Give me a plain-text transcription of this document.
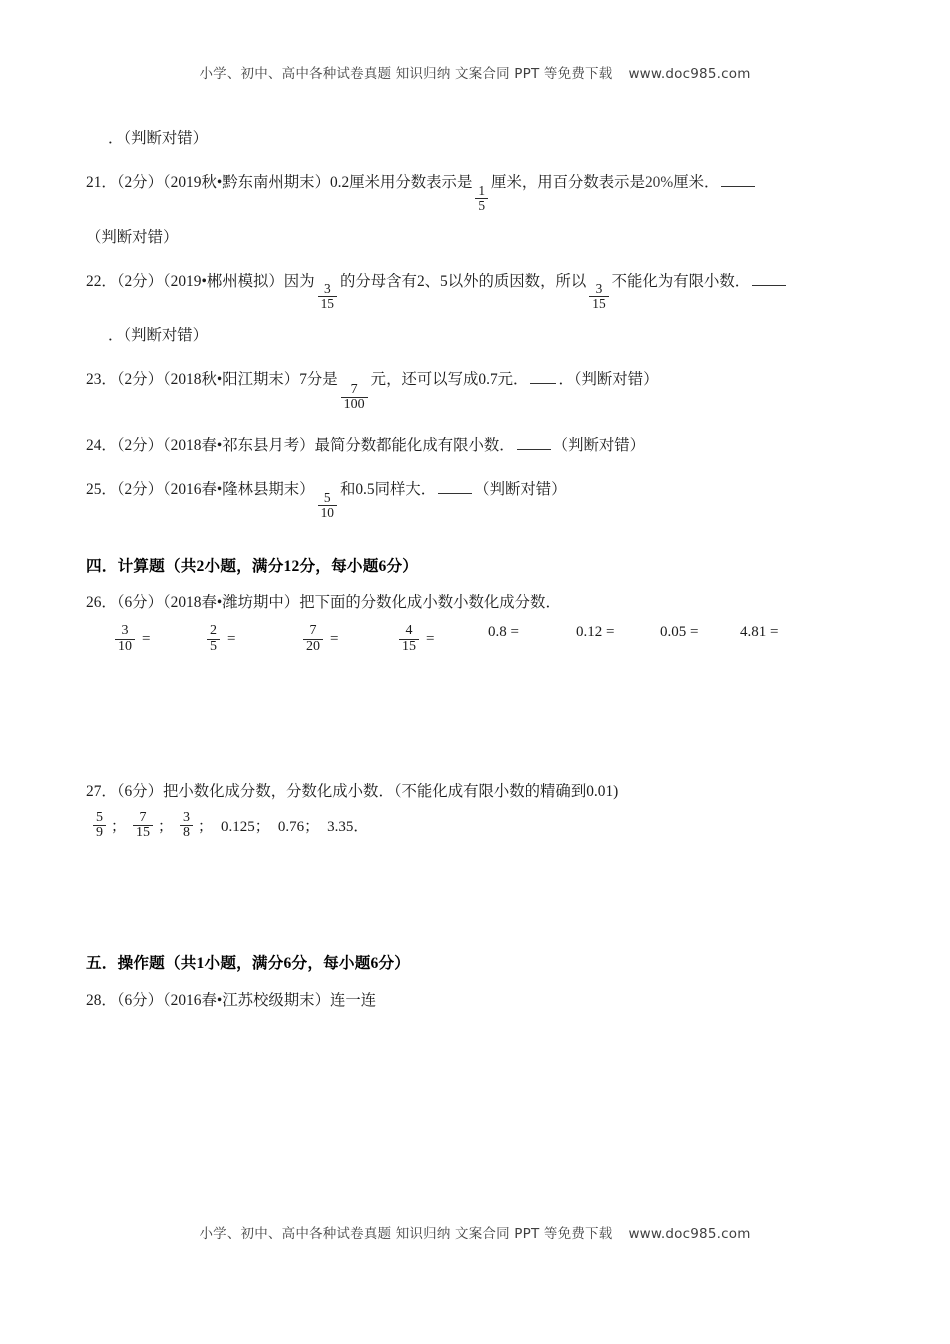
小学、初中、高中各种试卷真题 知识归纳 文案合同 PPT 等免费下载 www.doc985.com
．（判断对错）
21．（2分）（2019秋•黔东南州期末）0.2厘米用分数表示是
$\frac{1}{5}$
厘米，用百分数表示是20%厘米．
（判断对错）
22．（2分）（2019•郴州模拟）因为
$\frac{3}{15}$
的分母含有2、5以外的质因数，所以
$\frac{3}{15}$
不能化为有限小数．
．（判断对错）
23．（2分）（2018秋•阳江期末）7分是
$\frac{7}{100}$
元，还可以写成0.7元． ．（判断对错）
24．（2分）（2018春•祁东县月考）最简分数都能化成有限小数． （判断对错）
25．（2分）（2016春•隆林县期末）
$\frac{5}{10}$
和0.5同样大． （判断对错）
四．计算题（共2小题，满分12分，每小题6分）
26．（6分）（2018春•潍坊期中）把下面的分数化成小数小数化成分数．
$\frac{3}{10}$ =	$\frac{2}{5}$ =	$\frac{7}{20}$ =	$\frac{4}{15}$ =	0.8 =	0.12 =	0.05 =	4.81 =
27．（6分）把小数化成分数，分数化成小数．（不能化成有限小数的精确到0.01)
$\frac{5}{9}$ ； $\frac{7}{15}$ ； $\frac{3}{8}$ ； 0.125； 0.76； 3.35．
五．操作题（共1小题，满分6分，每小题6分）
28．（6分）（2016春•江苏校级期末）连一连
小学、初中、高中各种试卷真题 知识归纳 文案合同 PPT 等免费下载 www.doc985.com
